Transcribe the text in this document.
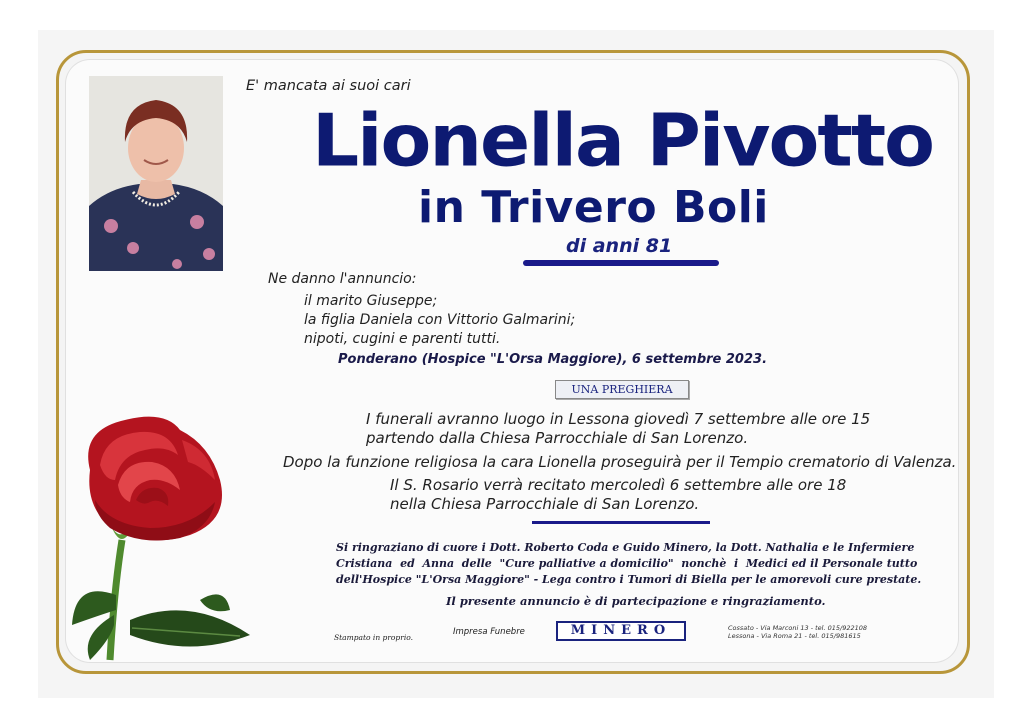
E' mancata ai suoi cari
Lionella Pivotto
in Trivero Boli
di anni 81
Ne danno l'annuncio:
il marito Giuseppe;
la figlia Daniela con Vittorio Galmarini;
nipoti, cugini e parenti tutti.
Ponderano (Hospice "L'Orsa Maggiore), 6 settembre 2023.
UNA PREGHIERA
I funerali avranno luogo in Lessona giovedì 7 settembre alle ore 15
partendo dalla Chiesa Parrocchiale di San Lorenzo.
Dopo la funzione religiosa la cara Lionella proseguirà per il Tempio crematorio di Valenza.
Il S. Rosario verrà recitato mercoledì 6 settembre alle ore 18
nella Chiesa Parrocchiale di San Lorenzo.
Si ringraziano di cuore i Dott. Roberto Coda e Guido Minero, la Dott. Nathalia e le Infermiere
Cristiana  ed  Anna  delle  "Cure palliative a domicilio"  nonchè  i  Medici ed il Personale tutto
dell'Hospice "L'Orsa Maggiore" - Lega contro i Tumori di Biella per le amorevoli cure prestate.
Il presente annuncio è di partecipazione e ringraziamento.
Stampato in proprio.
Impresa Funebre	MINERO	Cossato - Via Marconi 13 - tel. 015/922108
Lessona - Via Roma 21 - tel. 015/981615
